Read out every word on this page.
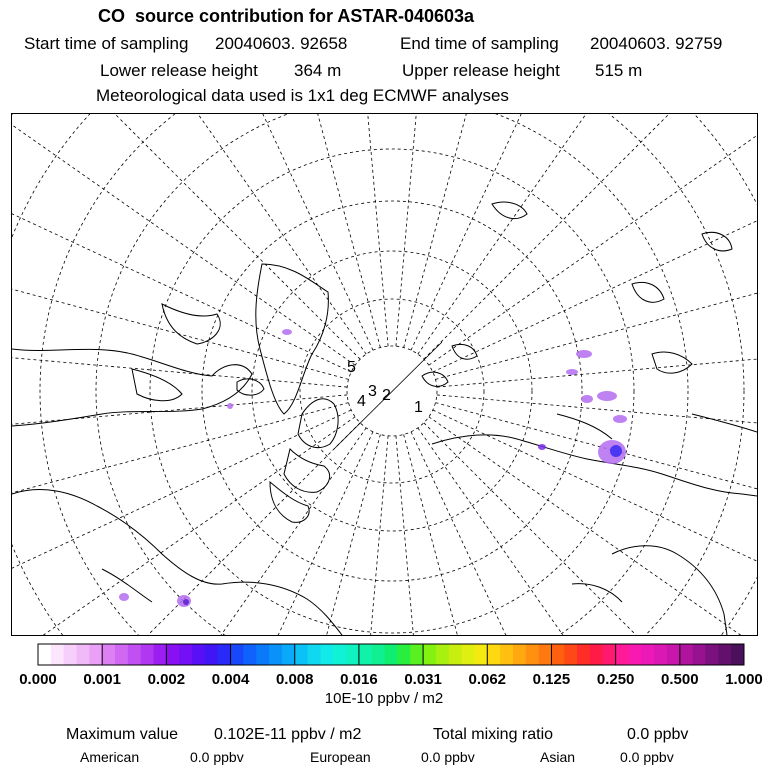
CO  source contribution for ASTAR-040603a
Start time of sampling 20040603. 92658	End time of sampling 20040603. 92759
Lower release height 364 m	Upper release height 515 m
Meteorological data used is 1x1 deg ECMWF analyses
1
2
3
4
5
0.000 0.001 0.002 0.004 0.008 0.016 0.031 0.062 0.125 0.250 0.500 1.000
10E-10 ppbv / m2
Maximum value 0.102E-11 ppbv / m2	Total mixing ratio	0.0 ppbv
American	0.0 ppbv	European	0.0 ppbv	Asian	0.0 ppbv
